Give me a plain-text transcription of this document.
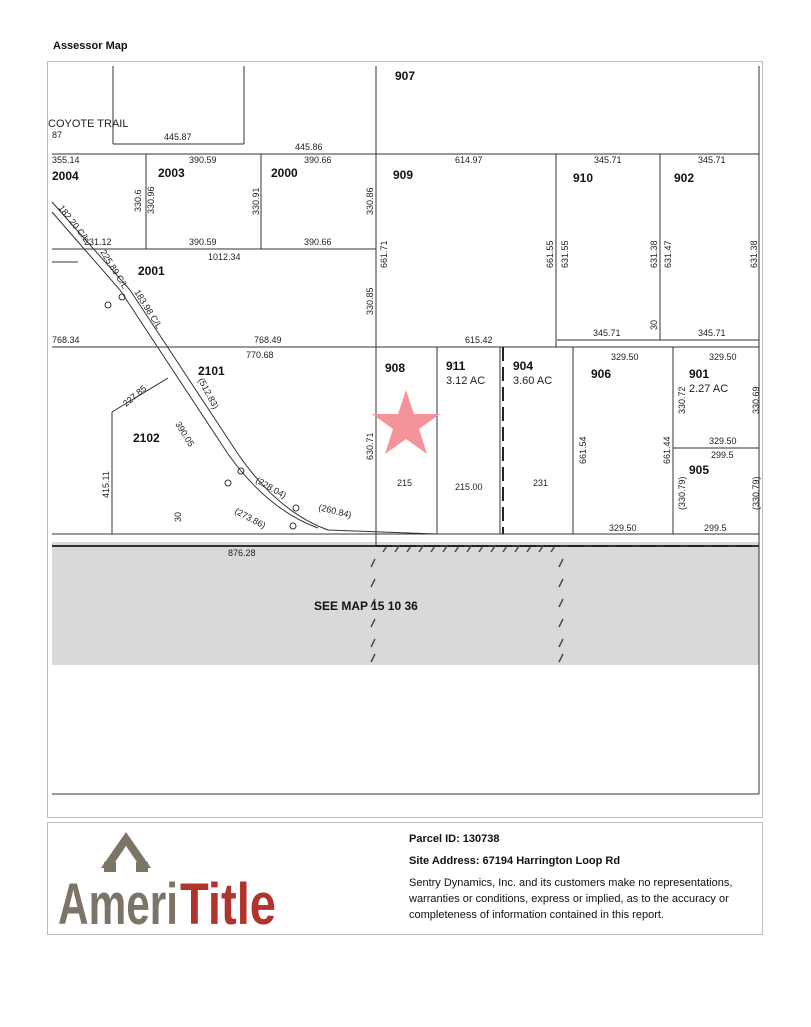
Assessor Map
907
2004	2003	2000	909	910	902
2001
2101
2102
908	911	904
906	901
905
3.12 AC	3.60 AC
2.27 AC
COYOTE TRAIL
SEE MAP 15 10 36
87	445.87
445.86
355.14	390.59	390.66	614.97	345.71	345.71
231.12	390.59	390.66
1012.34
345.71	345.71
768.34	768.49	615.42
770.68	329.50	329.50
329.50
299.5
215	215.00	231
329.50	299.5
876.28
330.6 330.96	330.91	330.86
661.71
330.85
661.55 631.55	631.38 631.47	631.38
30
630.71	661.54	661.44
330.72	330.69
(330.79)	(330.79)
415.11
30
182.20 C/L
225.89 C/L
183.98 C/L
(512.83)
227.85
390.05
(228.04)
(260.84)
(273.86)
Ameri Title
Parcel ID: 130738
Site Address: 67194 Harrington Loop Rd
Sentry Dynamics, Inc. and its customers make no representations, warranties or conditions, express or implied, as to the accuracy or completeness of information contained in this report.
